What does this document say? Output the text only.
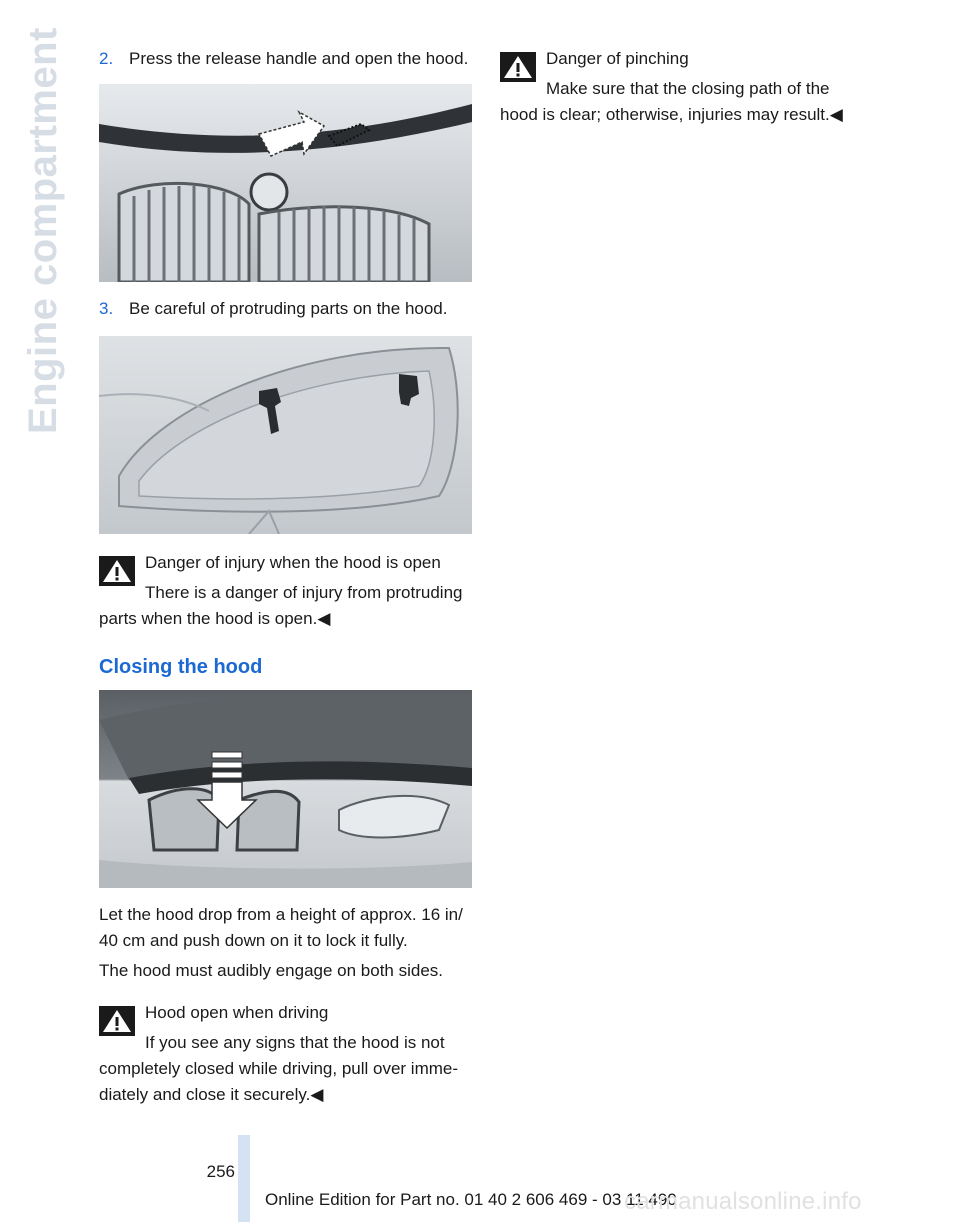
Engine compartment 2. Press the release handle and open the hood.
3. Be careful of protruding parts on the hood.
Danger of injury when the hood is open
There is a danger of injury from protruding parts when the hood is open.◀
Closing the hood
Let the hood drop from a height of approx. 16 in/ 40 cm and push down on it to lock it fully.
The hood must audibly engage on both sides.
Hood open when driving
If you see any signs that the hood is not completely closed while driving, pull over imme-diately and close it securely.◀
Danger of pinching
Make sure that the closing path of the hood is clear; otherwise, injuries may result.◀
256
Online Edition for Part no. 01 40 2 606 469 - 03 11 490
carmanualsonline.info
